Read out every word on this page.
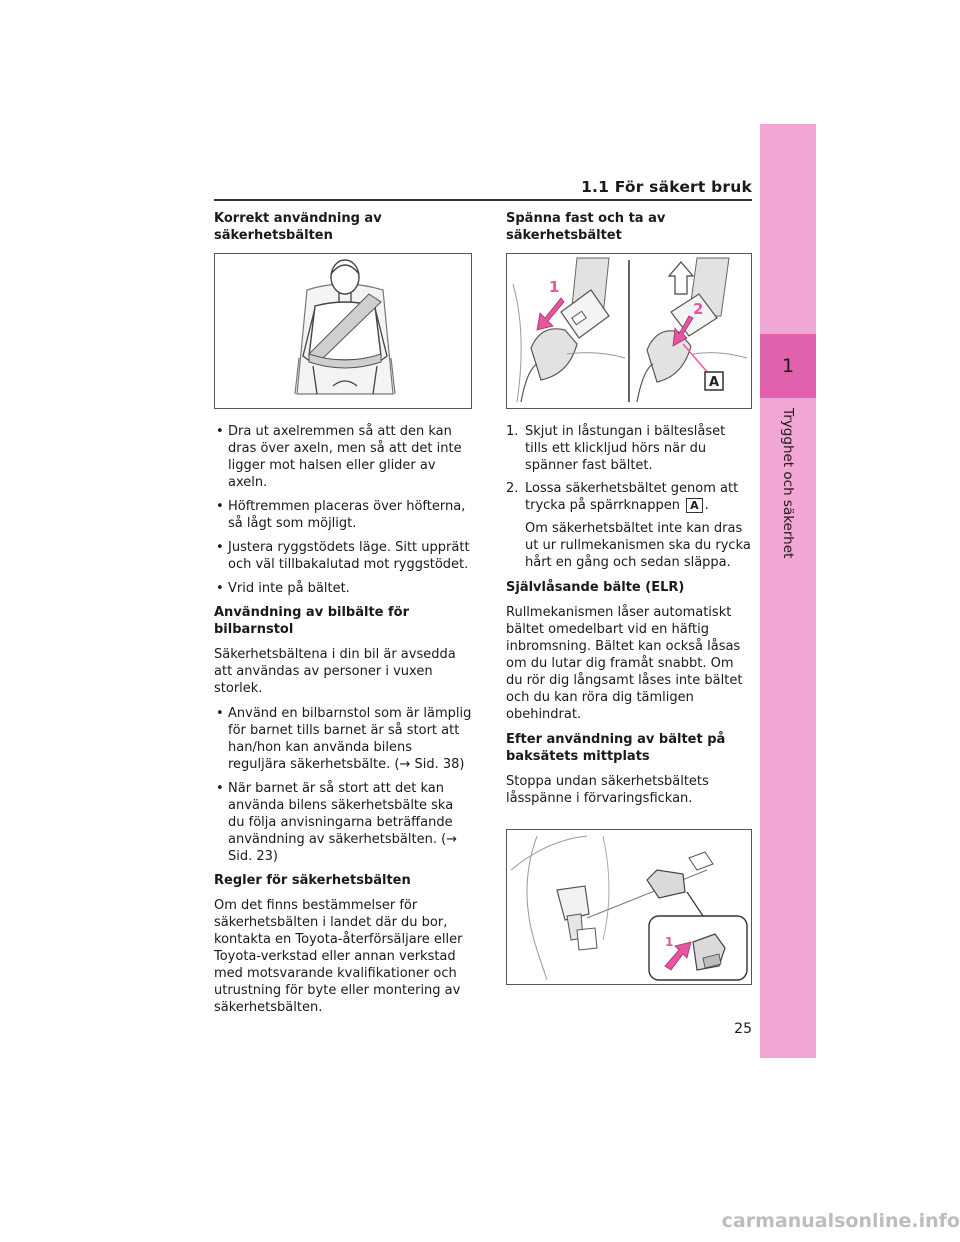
1.1 För säkert bruk
1
Trygghet och säkerhet
Korrekt användning av säkerhetsbälten
• Dra ut axelremmen så att den kan dras över axeln, men så att det inte ligger mot halsen eller glider av axeln.
• Höftremmen placeras över höfterna, så lågt som möjligt.
• Justera ryggstödets läge. Sitt upprätt och väl tillbakalutad mot ryggstödet.
• Vrid inte på bältet.
Användning av bilbälte för bilbarnstol

Säkerhetsbältena i din bil är avsedda att användas av personer i vuxen storlek.

• Använd en bilbarnstol som är lämplig för barnet tills barnet är så stort att han/hon kan använda bilens reguljära säkerhetsbälte. (→ Sid. 38)
• När barnet är så stort att det kan använda bilens säkerhetsbälte ska du följa anvisningarna beträffande användning av säkerhetsbälten. (→ Sid. 23)
Regler för säkerhetsbälten

Om det finns bestämmelser för säkerhetsbälten i landet där du bor, kontakta en Toyota-återförsäljare eller Toyota-verkstad eller annan verkstad med motsvarande kvalifikationer och utrustning för byte eller montering av säkerhetsbälten.

Spänna fast och ta av säkerhetsbältet
1
2
A
1. Skjut in låstungan i bälteslåset tills ett klickljud hörs när du spänner fast bältet.
2. Lossa säkerhetsbältet genom att trycka på spärrknappen A .

Om säkerhetsbältet inte kan dras ut ur rullmekanismen ska du rycka hårt en gång och sedan släppa.

Självlåsande bälte (ELR)

Rullmekanismen låser automatiskt bältet omedelbart vid en häftig inbromsning. Bältet kan också låsas om du lutar dig framåt snabbt. Om du rör dig långsamt låses inte bältet och du kan röra dig tämligen obehindrat.

Efter användning av bältet på baksätets mittplats

Stoppa undan säkerhetsbältets låsspänne i förvaringsfickan.

1
25
carmanualsonline.info
